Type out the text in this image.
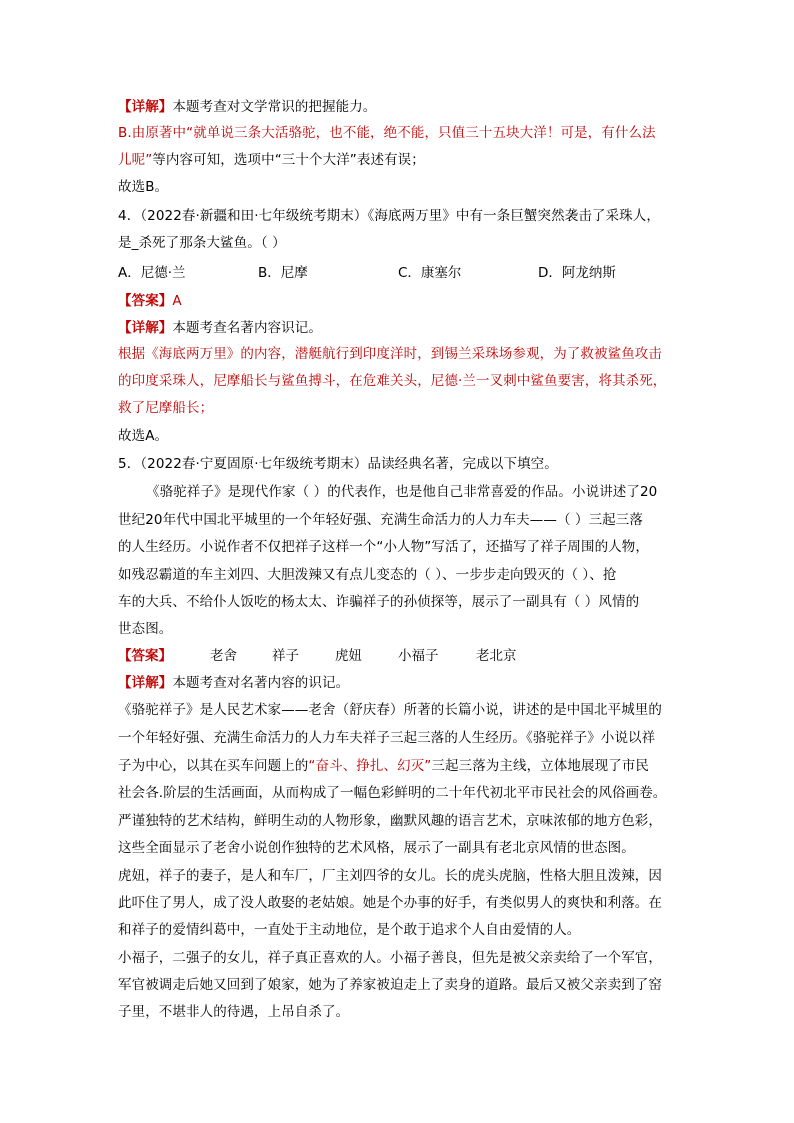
【详解】本题考查对文学常识的把握能力。
B.由原著中“就单说三条大活骆驼，也不能，绝不能，只值三十五块大洋！可是，有什么法
儿呢”等内容可知，选项中“三十个大洋”表述有误；
故选B。
4．（2022春·新疆和田·七年级统考期末）《海底两万里》中有一条巨蟹突然袭击了采珠人，
是_杀死了那条大鲨鱼。（ ）
A．尼德·兰	B．尼摩	C．康塞尔	D．阿龙纳斯
【答案】A
【详解】本题考查名著内容识记。
根据《海底两万里》的内容，潜艇航行到印度洋时，到锡兰采珠场参观，为了救被鲨鱼攻击
的印度采珠人，尼摩船长与鲨鱼搏斗，在危难关头，尼德·兰一叉刺中鲨鱼要害，将其杀死，
救了尼摩船长；
故选A。
5．（2022春·宁夏固原·七年级统考期末）品读经典名著，完成以下填空。
《骆驼祥子》是现代作家（ ）的代表作，也是他自己非常喜爱的作品。小说讲述了20
世纪20年代中国北平城里的一个年轻好强、充满生命活力的人力车夫——（ ）三起三落
的人生经历。小说作者不仅把祥子这样一个“小人物”写活了，还描写了祥子周围的人物，
如残忍霸道的车主刘四、大胆泼辣又有点儿变态的（ ）、一步步走向毁灭的（ ）、抢
车的大兵、不给仆人饭吃的杨太太、诈骗祥子的孙侦探等，展示了一副具有（ ）风情的
世态图。
【答案】	老舍	祥子	虎妞	小福子	老北京
【详解】本题考查对名著内容的识记。
《骆驼祥子》是人民艺术家——老舍（舒庆春）所著的长篇小说，讲述的是中国北平城里的
一个年轻好强、充满生命活力的人力车夫祥子三起三落的人生经历。《骆驼祥子》小说以祥
子为中心，以其在买车问题上的“奋斗、挣扎、幻灭”三起三落为主线，立体地展现了市民
社会各.阶层的生活画面，从而构成了一幅色彩鲜明的二十年代初北平市民社会的风俗画卷。
严谨独特的艺术结构，鲜明生动的人物形象，幽默风趣的语言艺术，京味浓郁的地方色彩，
这些全面显示了老舍小说创作独特的艺术风格，展示了一副具有老北京风情的世态图。
虎妞，祥子的妻子，是人和车厂，厂主刘四爷的女儿。长的虎头虎脑，性格大胆且泼辣，因
此吓住了男人，成了没人敢娶的老姑娘。她是个办事的好手，有类似男人的爽快和利落。在
和祥子的爱情纠葛中，一直处于主动地位，是个敢于追求个人自由爱情的人。
小福子，二强子的女儿，祥子真正喜欢的人。小福子善良，但先是被父亲卖给了一个军官，
军官被调走后她又回到了娘家，她为了养家被迫走上了卖身的道路。最后又被父亲卖到了窑
子里，不堪非人的待遇，上吊自杀了。
